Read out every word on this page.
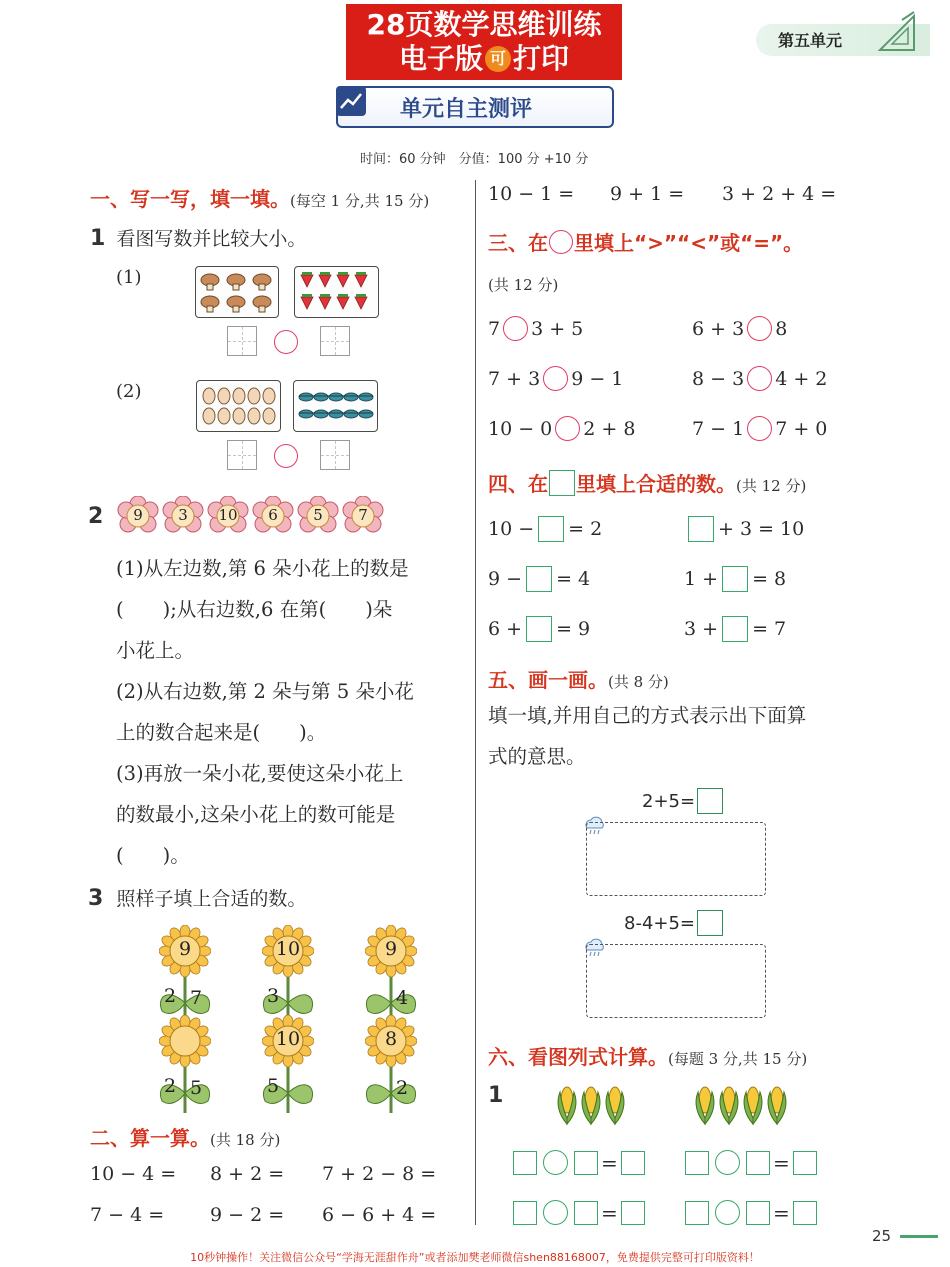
28页数学思维训练
电子版 可 打印
第五单元
单元自主测评
时间：60 分钟　分值：100 分 +10 分
一、写一写，填一填。(每空 1 分,共 15 分)
1 看图写数并比较大小。
(1)
(2)
2	9	3	10	6	5	7
(1)从左边数,第 6 朵小花上的数是
(　　);从右边数,6 在第(　　)朵
小花上。
(2)从右边数,第 2 朵与第 5 朵小花
上的数合起来是(　　)。
(3)再放一朵小花,要使这朵小花上
的数最小,这朵小花上的数可能是
(　　)。
3 照样子填上合适的数。
9
2 7
10
3
9
4
2 5
10
5
8
2
二、算一算。(共 18 分)
10 − 4 = 8 + 2 = 7 + 2 − 8 =
7 − 4 = 9 − 2 = 6 − 6 + 4 =
10 − 1 = 9 + 1 = 3 + 2 + 4 =
三、在 里填上“>”“<”或“=”。
(共 12 分)
7 3 + 5	6 + 3 8
7 + 3 9 − 1	8 − 3 4 + 2
10 − 0 2 + 8	7 − 1 7 + 0
四、在 里填上合适的数。(共 12 分)
10 − = 2	+ 3 = 10
9 − = 4	1 + = 8
6 + = 9	3 + = 7
五、画一画。(共 8 分)
填一填,并用自己的方式表示出下面算
式的意思。
2+5=
8-4+5=
六、看图列式计算。(每题 3 分,共 15 分)
1
=	=
=	=
25
10秒钟操作！关注微信公众号“学海无涯甜作舟”或者添加樊老师微信shen88168007，免费提供完整可打印版资料！
